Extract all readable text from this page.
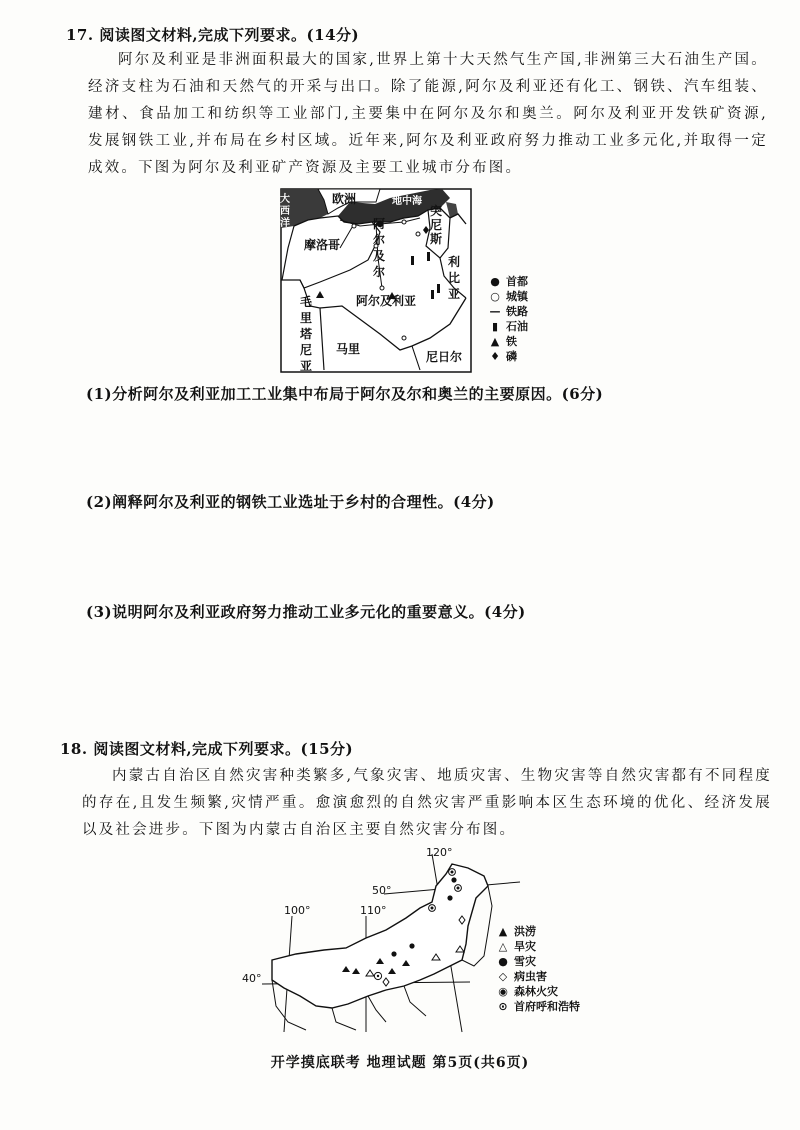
17. 阅读图文材料,完成下列要求。(14分)
阿尔及利亚是非洲面积最大的国家,世界上第十大天然气生产国,非洲第三大石油生产国。经济支柱为石油和天然气的开采与出口。除了能源,阿尔及利亚还有化工、钢铁、汽车组装、建材、食品加工和纺织等工业部门,主要集中在阿尔及尔和奥兰。阿尔及利亚开发铁矿资源,发展钢铁工业,并布局在乡村区域。近年来,阿尔及利亚政府努力推动工业多元化,并取得一定成效。下图为阿尔及利亚矿产资源及主要工业城市分布图。
大西洋
欧洲	地中海
突尼斯
摩洛哥
阿尔及尔
利比亚
阿尔及利亚
毛里塔尼亚
马里
尼日尔
● 首都
○ 城镇
— 铁路
▮ 石油
▲ 铁
♦ 磷
(1)分析阿尔及利亚加工工业集中布局于阿尔及尔和奥兰的主要原因。(6分)
(2)阐释阿尔及利亚的钢铁工业选址于乡村的合理性。(4分)
(3)说明阿尔及利亚政府努力推动工业多元化的重要意义。(4分)
18. 阅读图文材料,完成下列要求。(15分)
内蒙古自治区自然灾害种类繁多,气象灾害、地质灾害、生物灾害等自然灾害都有不同程度的存在,且发生频繁,灾情严重。愈演愈烈的自然灾害严重影响本区生态环境的优化、经济发展以及社会进步。下图为内蒙古自治区主要自然灾害分布图。
120°
50°
100°	110°
40°
▲ 洪涝
△ 旱灾
● 雪灾
◇ 病虫害
◉ 森林火灾
⊙ 首府呼和浩特
开学摸底联考 地理试题 第5页(共6页)
